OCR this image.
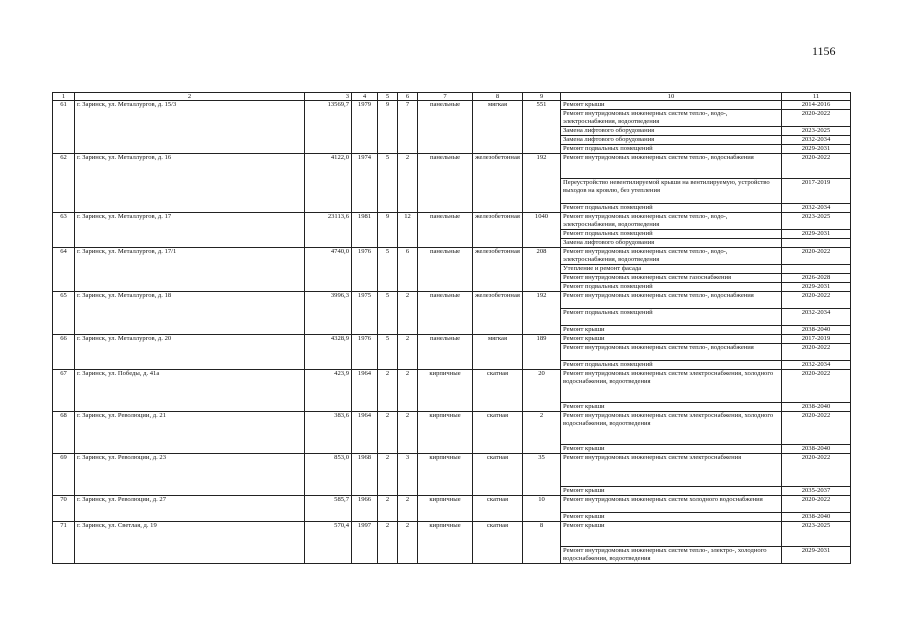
1156
1	2	3	4	5	6	7	8	9	10	11
61	г. Заринск, ул. Металлургов, д. 15/3	13569,7	1979	9	7	панельные	мягкая	551	Ремонт крыши	2014-2016
									Ремонт внутридомовых инженерных систем тепло-, водо-, электроснабжения, водоотведения	2020-2022
									Замена лифтового оборудования	2023-2025
									Замена лифтового оборудования	2032-2034
									Ремонт подвальных помещений	2029-2031
62	г. Заринск, ул. Металлургов, д. 16	4122,0	1974	5	2	панельные	железобетонная	192	Ремонт внутридомовых инженерных систем тепло-, водоснабжения	2020-2022
									Переустройство невентилируемой крыши на вентилируемую, устройство выходов на кровлю, без утепления	2017-2019
									Ремонт подвальных помещений	2032-2034
63	г. Заринск, ул. Металлургов, д. 17	23113,6	1981	9	12	панельные	железобетонная	1040	Ремонт внутридомовых инженерных систем тепло-, водо-, электроснабжения, водоотведения	2023-2025
									Ремонт подвальных помещений	2029-2031
									Замена лифтового оборудования	
64	г. Заринск, ул. Металлургов, д. 17/1	4740,0	1976	5	6	панельные	железобетонная	208	Ремонт внутридомовых инженерных систем тепло-, водо-, электроснабжения, водоотведения	2020-2022
									Утепление и ремонт фасада	
									Ремонт внутридомовых инженерных систем газоснабжения	2026-2028
									Ремонт подвальных помещений	2029-2031
65	г. Заринск, ул. Металлургов, д. 18	3996,3	1975	5	2	панельные	железобетонная	192	Ремонт внутридомовых инженерных систем тепло-, водоснабжения	2020-2022
									Ремонт подвальных помещений	2032-2034
									Ремонт крыши	2038-2040
66	г. Заринск, ул. Металлургов, д. 20	4328,9	1976	5	2	панельные	мягкая	189	Ремонт крыши	2017-2019
									Ремонт внутридомовых инженерных систем тепло-, водоснабжения	2020-2022
									Ремонт подвальных помещений	2032-2034
67	г. Заринск, ул. Победы, д. 41а	423,9	1964	2	2	кирпичные	скатная	20	Ремонт внутридомовых инженерных систем электроснабжения, холодного водоснабжения, водоотведения	2020-2022
									Ремонт крыши	2038-2040
68	г. Заринск, ул. Революции, д. 21	383,6	1964	2	2	кирпичные	скатная	2	Ремонт внутридомовых инженерных систем электроснабжения, холодного водоснабжения, водоотведения	2020-2022
									Ремонт крыши	2038-2040
69	г. Заринск, ул. Революции, д. 23	853,0	1968	2	3	кирпичные	скатная	35	Ремонт внутридомовых инженерных систем электроснабжения	2020-2022
									Ремонт крыши	2035-2037
70	г. Заринск, ул. Революции, д. 27	585,7	1966	2	2	кирпичные	скатная	10	Ремонт внутридомовых инженерных систем холодного водоснабжения	2020-2022
									Ремонт крыши	2038-2040
71	г. Заринск, ул. Светлая, д. 19	570,4	1997	2	2	кирпичные	скатная	8	Ремонт крыши	2023-2025
									Ремонт внутридомовых инженерных систем тепло-, электро-, холодного водоснабжения, водоотведения	2029-2031
